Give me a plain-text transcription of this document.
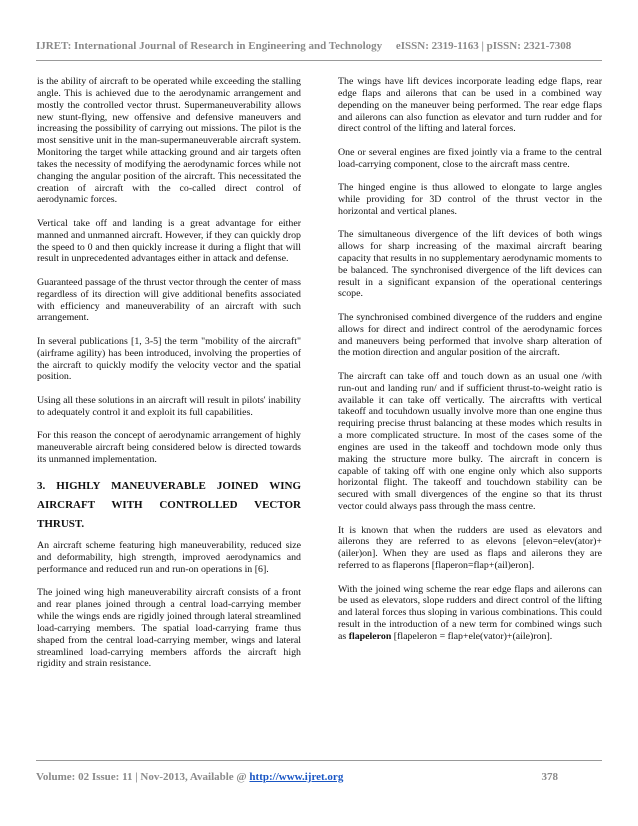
IJRET: International Journal of Research in Engineering and Technology eISSN: 2319-1163 | pISSN: 2321-7308

is the ability of aircraft to be operated while exceeding the stalling angle. This is achieved due to the aerodynamic arrangement and mostly the controlled vector thrust. Supermaneuverability allows new stunt-flying, new offensive and defensive maneuvers and increasing the possibility of carrying out missions. The pilot is the most sensitive unit in the man-supermaneuverable aircraft system. Monitoring the target while attacking ground and air targets often takes the necessity of modifying the aerodynamic forces while not changing the angular position of the aircraft. This necessitated the creation of aircraft with the co-called direct control of aerodynamic forces.

Vertical take off and landing is a great advantage for either manned and unmanned aircraft. However, if they can quickly drop the speed to 0 and then quickly increase it during a flight that will result in unprecedented advantages either in attack and defense.

Guaranteed passage of the thrust vector through the center of mass regardless of its direction will give additional benefits associated with efficiency and maneuverability of an aircraft with such arrangement.

In several publications [1, 3-5] the term "mobility of the aircraft" (airframe agility) has been introduced, involving the properties of the aircraft to quickly modify the velocity vector and the spatial position.

Using all these solutions in an aircraft will result in pilots' inability to adequately control it and exploit its full capabilities.

For this reason the concept of aerodynamic arrangement of highly maneuverable aircraft being considered below is directed towards its unmanned implementation.

3. HIGHLY MANEUVERABLE JOINED WING AIRCRAFT WITH CONTROLLED VECTOR
THRUST.

An aircraft scheme featuring high maneuverability, reduced size and deformability, high strength, improved aerodynamics and performance and reduced run and run-on operations in [6].

The joined wing high maneuverability aircraft consists of a front and rear planes joined through a central load-carrying member while the wings ends are rigidly joined through lateral streamlined load-carrying members. The spatial load-carrying frame thus shaped from the central load-carrying member, wings and lateral streamlined load-carrying members affords the aircraft high rigidity and strain resistance.

The wings have lift devices incorporate leading edge flaps, rear edge flaps and ailerons that can be used in a combined way depending on the maneuver being performed. The rear edge flaps and ailerons can also function as elevator and turn rudder and for direct control of the lifting and lateral forces.

One or several engines are fixed jointly via a frame to the central load-carrying component, close to the aircraft mass centre.

The hinged engine is thus allowed to elongate to large angles while providing for 3D control of the thrust vector in the horizontal and vertical planes.

The simultaneous divergence of the lift devices of both wings allows for sharp increasing of the maximal aircraft bearing capacity that results in no supplementary aerodynamic moments to be balanced. The synchronised divergence of the lift devices can result in a significant expansion of the operational centerings scope.

The synchronised combined divergence of the rudders and engine allows for direct and indirect control of the aerodynamic forces and maneuvers being performed that involve sharp alteration of the motion direction and angular position of the aircraft.

The aircraft can take off and touch down as an usual one /with run-out and landing run/ and if sufficient thrust-to-weight ratio is available it can take off vertically. The aircraftts with vertical takeoff and tocuhdown usually involve more than one engine thus requiring precise thrust balancing at these modes which results in a more complicated structure. In most of the cases some of the engines are used in the takeoff and tochdown mode only thus making the structure more bulky. The aircraft in concern is capable of taking off with one engine only which also supports horizontal flight. The takeoff and touchdown stability can be secured with small divergences of the engine so that its thrust vector could always pass through the mass centre.

It is known that when the rudders are used as elevators and ailerons they are referred to as elevons [elevon=elev(ator)+(ailer)on]. When they are used as flaps and ailerons they are referred to as flaperons [flaperon=flap+(ail)eron].

With the joined wing scheme the rear edge flaps and ailerons can be used as elevators, slope rudders and direct control of the lifting and lateral forces thus sloping in various combinations. This could result in the introduction of a new term for combined wings such as flapeleron [flapeleron = flap+ele(vator)+(aile)ron].

Volume: 02 Issue: 11 | Nov-2013, Available @ http://www.ijret.org	378
